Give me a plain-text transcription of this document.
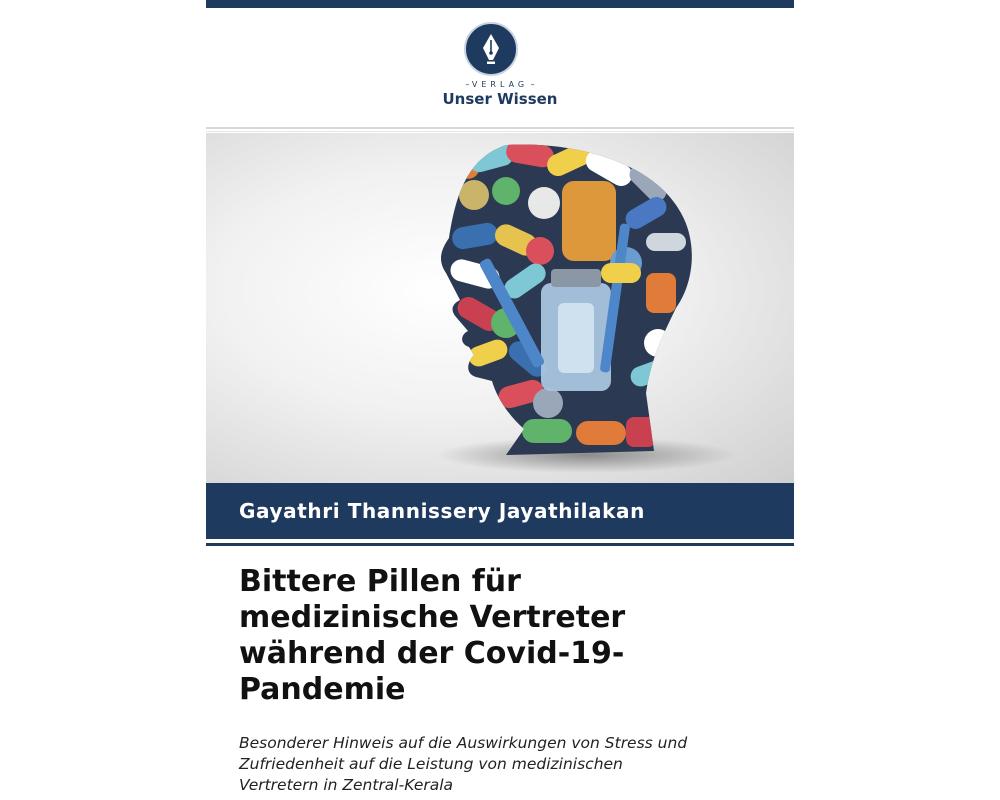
– VERLAG –
Unser Wissen
Gayathri Thannissery Jayathilakan
Bittere Pillen für
medizinische Vertreter
während der Covid-19-
Pandemie

Besonderer Hinweis auf die Auswirkungen von Stress und
Zufriedenheit auf die Leistung von medizinischen
Vertretern in Zentral-Kerala
